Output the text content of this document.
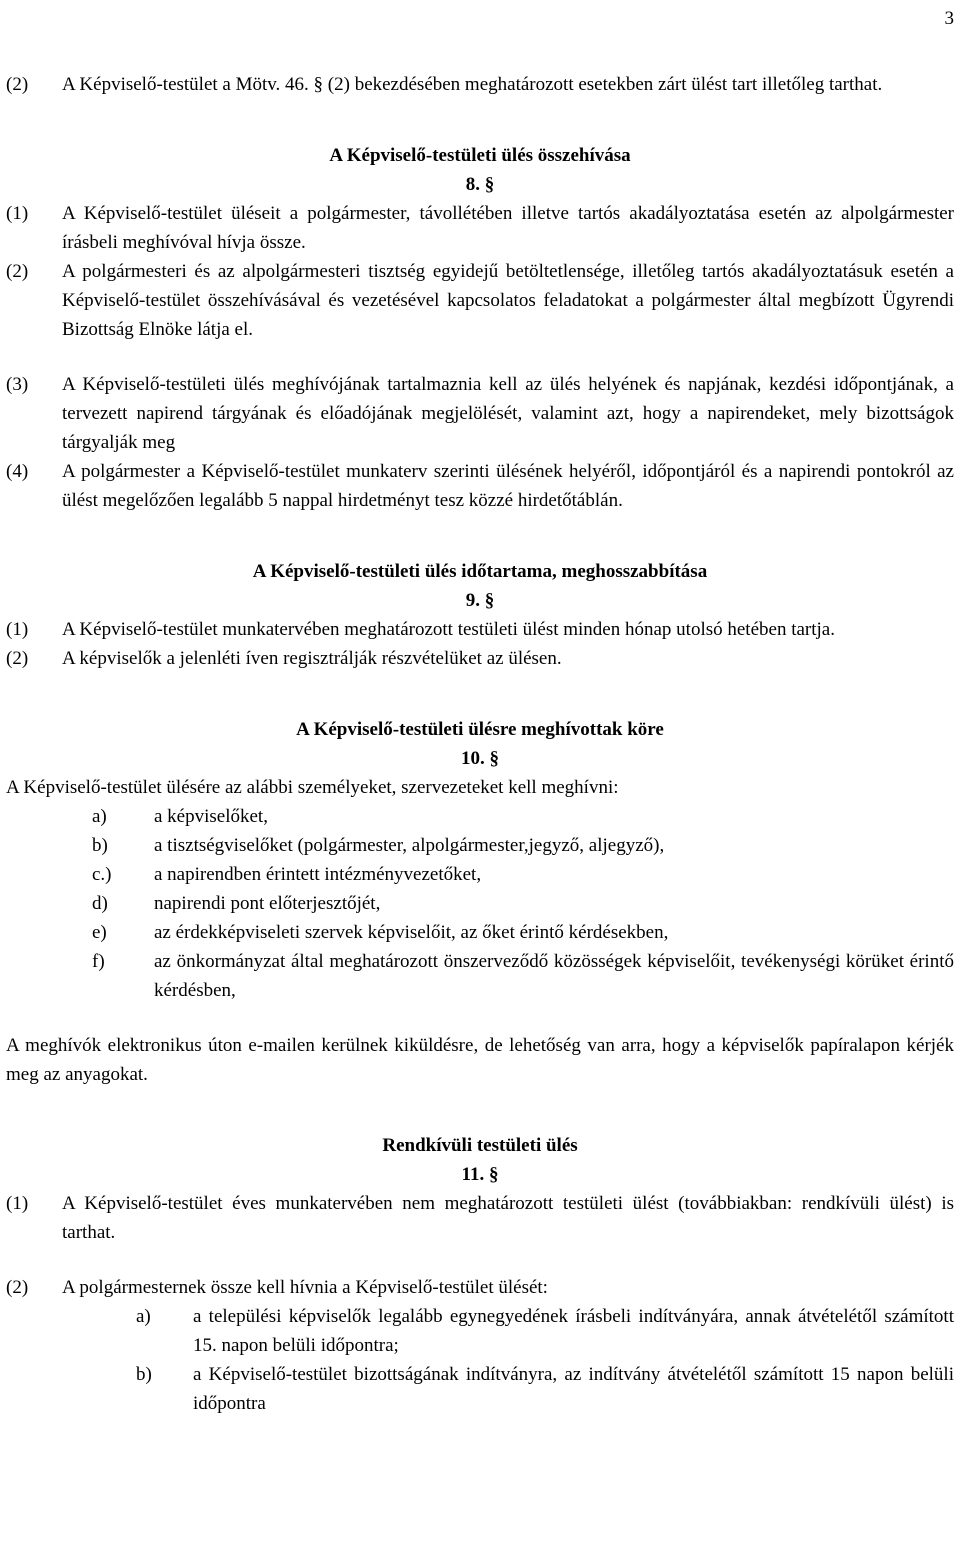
3
(2)	A Képviselő-testület a Mötv. 46. § (2) bekezdésében meghatározott esetekben zárt ülést tart illetőleg tarthat.
A Képviselő-testületi ülés összehívása
8. §
(1)	A Képviselő-testület üléseit a polgármester, távollétében illetve tartós akadályoztatása esetén az alpolgármester írásbeli meghívóval hívja össze.
(2)	A polgármesteri és az alpolgármesteri tisztség egyidejű betöltetlensége, illetőleg tartós akadályoztatásuk esetén a Képviselő-testület összehívásával és vezetésével kapcsolatos feladatokat a polgármester által megbízott Ügyrendi Bizottság Elnöke látja el.
(3)	A Képviselő-testületi ülés meghívójának tartalmaznia kell az ülés helyének és napjának, kezdési időpontjának, a tervezett napirend tárgyának és előadójának megjelölését, valamint azt, hogy a napirendeket, mely bizottságok tárgyalják meg
(4)	A polgármester a Képviselő-testület munkaterv szerinti ülésének helyéről, időpontjáról és a napirendi pontokról az ülést megelőzően legalább 5 nappal hirdetményt tesz közzé hirdetőtáblán.
A Képviselő-testületi ülés időtartama, meghosszabbítása
9. §
(1)	A Képviselő-testület munkatervében meghatározott testületi ülést minden hónap utolsó hetében tartja.
(2)	A képviselők a jelenléti íven regisztrálják részvételüket az ülésen.
A Képviselő-testületi ülésre meghívottak köre
10. §
A Képviselő-testület ülésére az alábbi személyeket, szervezeteket kell meghívni:
a)	a képviselőket,
b)	a tisztségviselőket (polgármester, alpolgármester,jegyző, aljegyző),
c.)	a napirendben érintett intézményvezetőket,
d)	napirendi pont előterjesztőjét,
e)	az érdekképviseleti szervek képviselőit, az őket érintő kérdésekben,
f)	az önkormányzat által meghatározott önszerveződő közösségek képviselőit, tevékenységi körüket érintő kérdésben,
A meghívók elektronikus úton e-mailen kerülnek kiküldésre, de lehetőség van arra, hogy a képviselők papíralapon kérjék meg az anyagokat.
Rendkívüli testületi ülés
11. §
(1)	A Képviselő-testület éves munkatervében nem meghatározott testületi ülést (továbbiakban: rendkívüli ülést) is tarthat.
(2)	A polgármesternek össze kell hívnia a Képviselő-testület ülését:
a)	a települési képviselők legalább egynegyedének írásbeli indítványára, annak átvételétől számított 15. napon belüli időpontra;
b)	a Képviselő-testület bizottságának indítványra, az indítvány átvételétől számított 15 napon belüli időpontra
